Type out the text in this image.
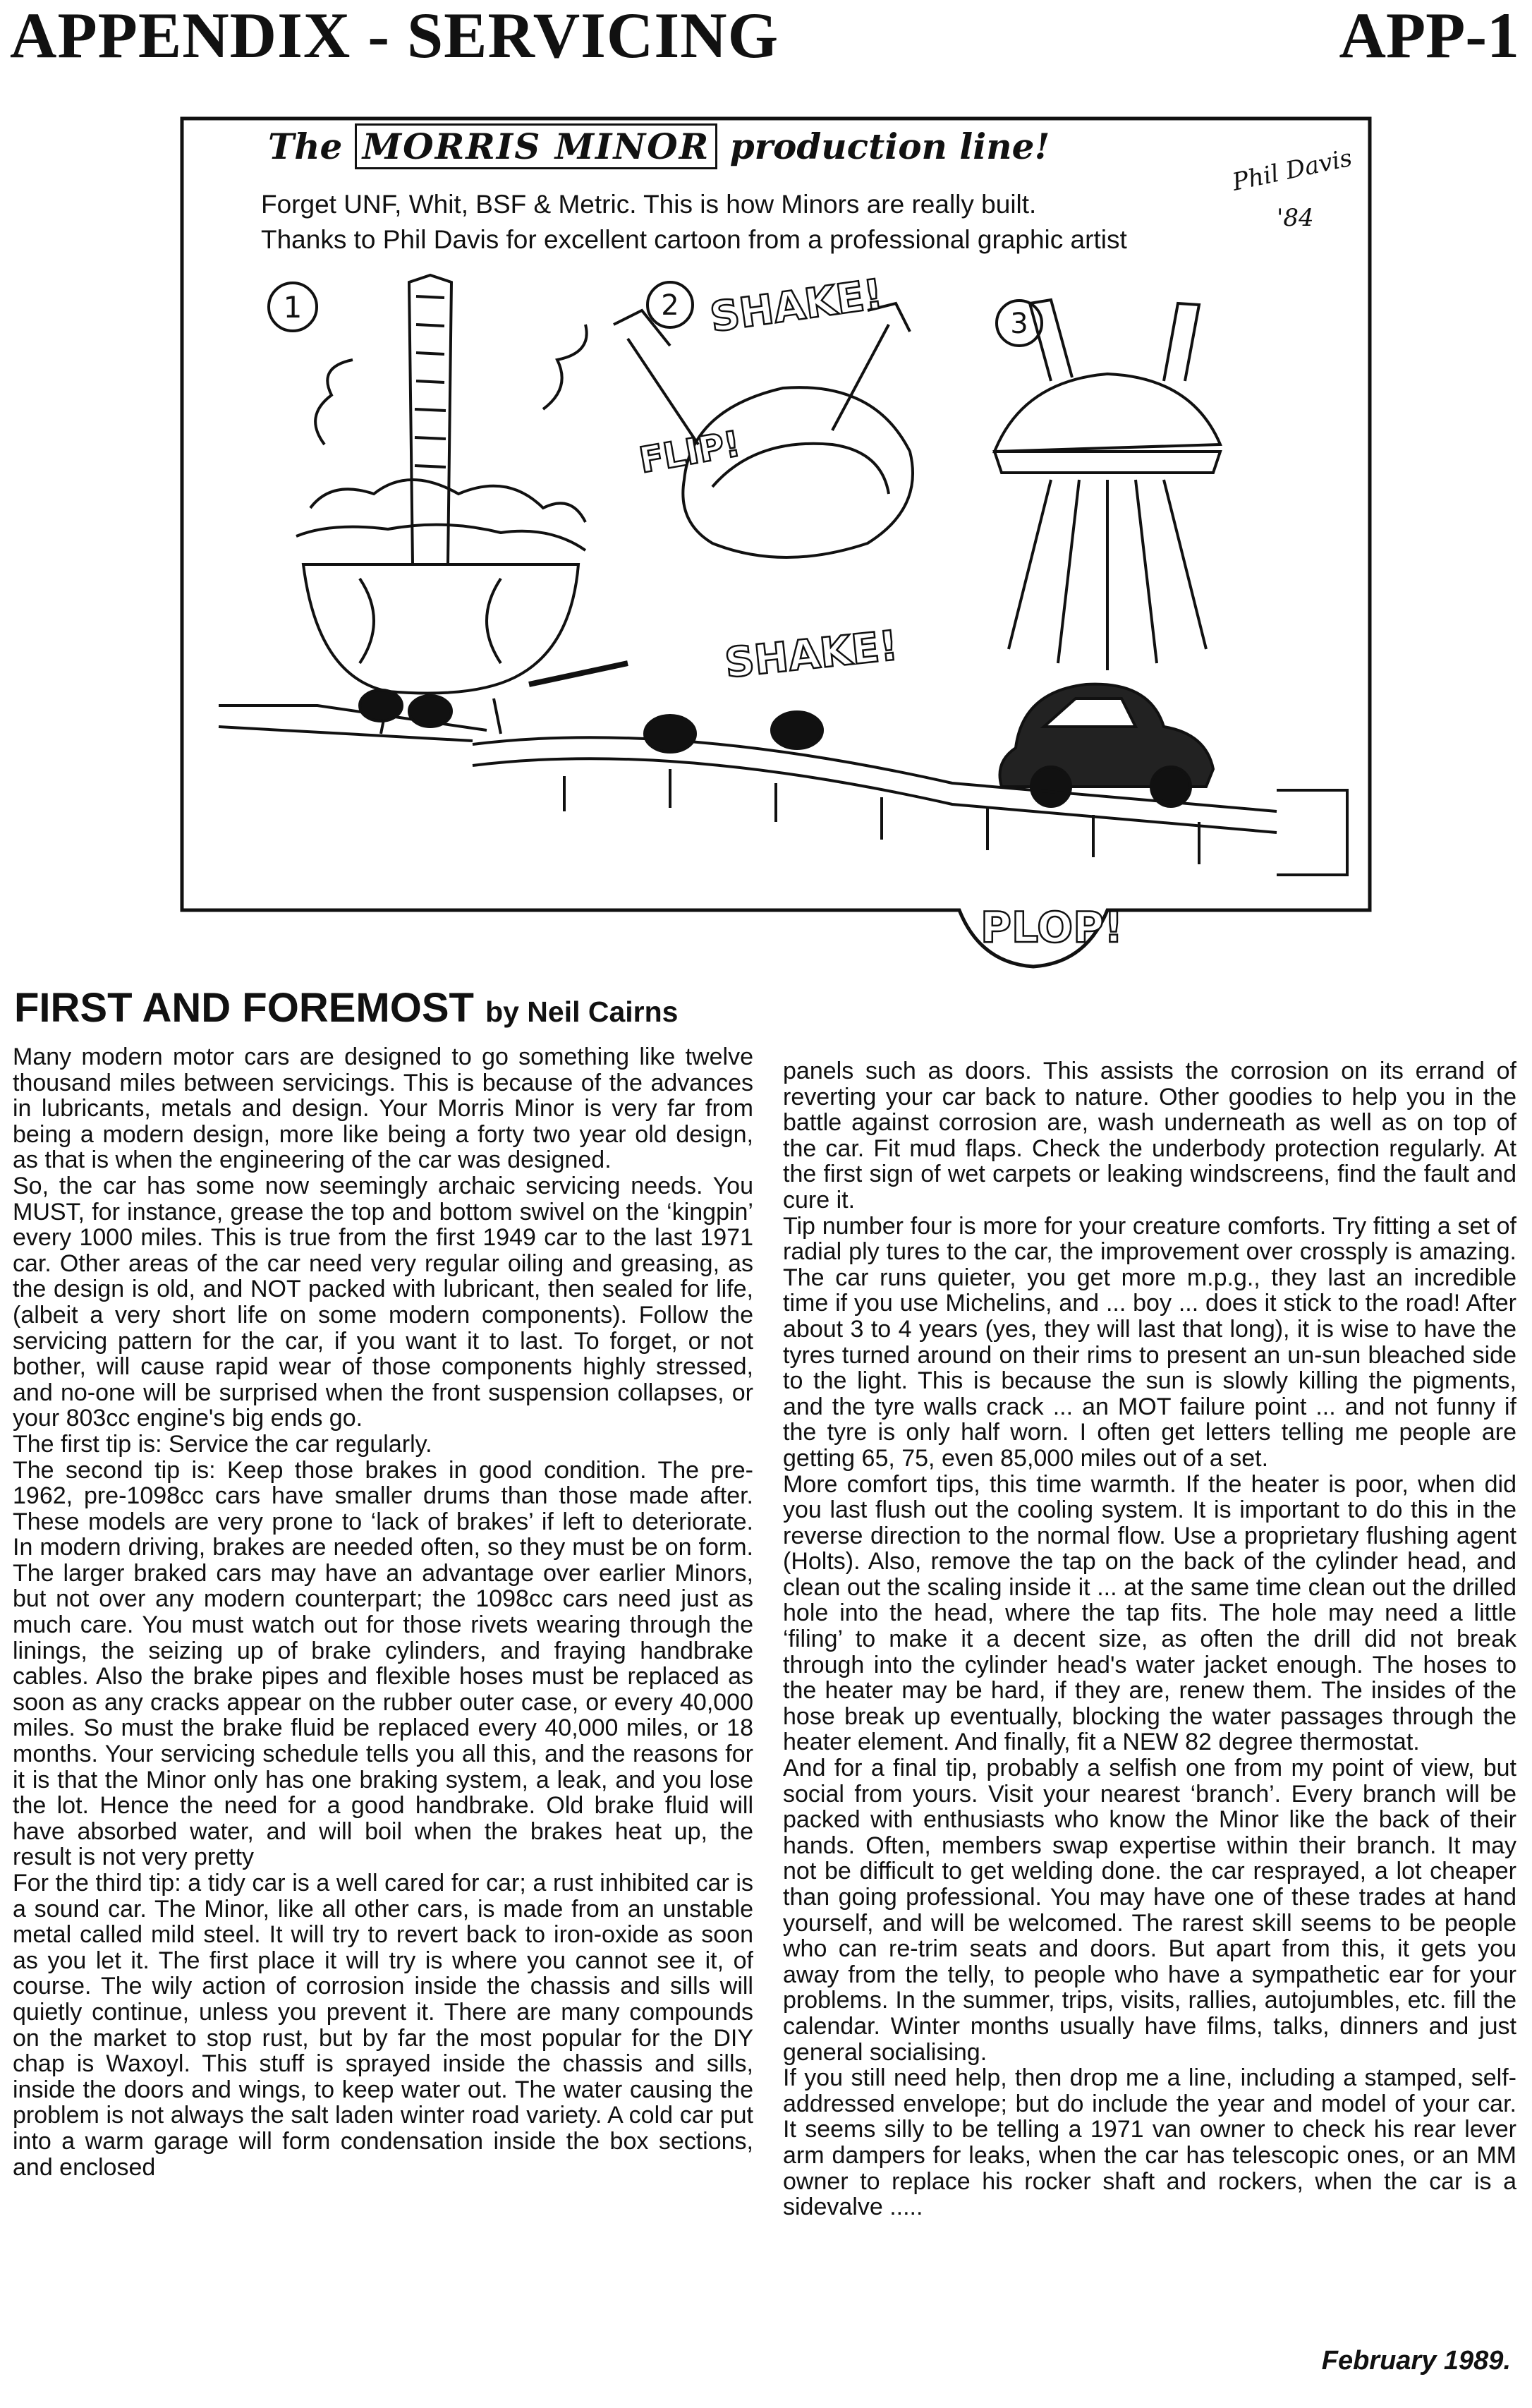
APPENDIX - SERVICING	APP-1
1	2
3
SHAKE!
FLIP!
SHAKE!
PLOP!
Phil Davis
'84
The MORRIS MINOR production line!
Forget UNF, Whit, BSF & Metric. This is how Minors are really built.
Thanks to Phil Davis for excellent cartoon from a professional graphic artist
FIRST AND FOREMOST by Neil Cairns

Many modern motor cars are designed to go something like twelve thousand miles between servicings. This is because of the advances in lubricants, metals and design. Your Morris Minor is very far from being a modern design, more like being a forty two year old design, as that is when the engineering of the car was designed.

So, the car has some now seemingly archaic servicing needs. You MUST, for instance, grease the top and bottom swivel on the ‘kingpin’ every 1000 miles. This is true from the first 1949 car to the last 1971 car. Other areas of the car need very regular oiling and greasing, as the design is old, and NOT packed with lubricant, then sealed for life, (albeit a very short life on some modern components). Follow the servicing pattern for the car, if you want it to last. To forget, or not bother, will cause rapid wear of those components highly stressed, and no-one will be surprised when the front suspension collapses, or your 803cc engine's big ends go.

The first tip is: Service the car regularly.

The second tip is: Keep those brakes in good condition. The pre-1962, pre-1098cc cars have smaller drums than those made after. These models are very prone to ‘lack of brakes’ if left to deteriorate. In modern driving, brakes are needed often, so they must be on form. The larger braked cars may have an advantage over earlier Minors, but not over any modern counterpart; the 1098cc cars need just as much care. You must watch out for those rivets wearing through the linings, the seizing up of brake cylinders, and fraying handbrake cables. Also the brake pipes and flexible hoses must be replaced as soon as any cracks appear on the rubber outer case, or every 40,000 miles. So must the brake fluid be replaced every 40,000 miles, or 18 months. Your servicing schedule tells you all this, and the reasons for it is that the Minor only has one braking system, a leak, and you lose the lot. Hence the need for a good handbrake. Old brake fluid will have absorbed water, and will boil when the brakes heat up, the result is not very pretty

For the third tip: a tidy car is a well cared for car; a rust inhibited car is a sound car. The Minor, like all other cars, is made from an unstable metal called mild steel. It will try to revert back to iron-oxide as soon as you let it. The first place it will try is where you cannot see it, of course. The wily action of corrosion inside the chassis and sills will quietly continue, unless you prevent it. There are many compounds on the market to stop rust, but by far the most popular for the DIY chap is Waxoyl. This stuff is sprayed inside the chassis and sills, inside the doors and wings, to keep water out. The water causing the problem is not always the salt laden winter road variety. A cold car put into a warm garage will form condensation inside the box sections, and enclosed

panels such as doors. This assists the corrosion on its errand of reverting your car back to nature. Other goodies to help you in the battle against corrosion are, wash underneath as well as on top of the car. Fit mud flaps. Check the underbody protection regularly. At the first sign of wet carpets or leaking windscreens, find the fault and cure it.

Tip number four is more for your creature comforts. Try fitting a set of radial ply tures to the car, the improvement over crossply is amazing. The car runs quieter, you get more m.p.g., they last an incredible time if you use Michelins, and ... boy ... does it stick to the road! After about 3 to 4 years (yes, they will last that long), it is wise to have the tyres turned around on their rims to present an un-sun bleached side to the light. This is because the sun is slowly killing the pigments, and the tyre walls crack ... an MOT failure point ... and not funny if the tyre is only half worn. I often get letters telling me people are getting 65, 75, even 85,000 miles out of a set.

More comfort tips, this time warmth. If the heater is poor, when did you last flush out the cooling system. It is important to do this in the reverse direction to the normal flow. Use a proprietary flushing agent (Holts). Also, remove the tap on the back of the cylinder head, and clean out the scaling inside it ... at the same time clean out the drilled hole into the head, where the tap fits. The hole may need a little ‘filing’ to make it a decent size, as often the drill did not break through into the cylinder head's water jacket enough. The hoses to the heater may be hard, if they are, renew them. The insides of the hose break up eventually, blocking the water passages through the heater element. And finally, fit a NEW 82 degree thermostat.

And for a final tip, probably a selfish one from my point of view, but social from yours. Visit your nearest ‘branch’. Every branch will be packed with enthusiasts who know the Minor like the back of their hands. Often, members swap expertise within their branch. It may not be difficult to get welding done. the car resprayed, a lot cheaper than going professional. You may have one of these trades at hand yourself, and will be welcomed. The rarest skill seems to be people who can re-trim seats and doors. But apart from this, it gets you away from the telly, to people who have a sympathetic ear for your problems. In the summer, trips, visits, rallies, autojumbles, etc. fill the calendar. Winter months usually have films, talks, dinners and just general socialising.

If you still need help, then drop me a line, including a stamped, self-addressed envelope; but do include the year and model of your car. It seems silly to be telling a 1971 van owner to check his rear lever arm dampers for leaks, when the car has telescopic ones, or an MM owner to replace his rocker shaft and rockers, when the car is a sidevalve .....

February 1989.
